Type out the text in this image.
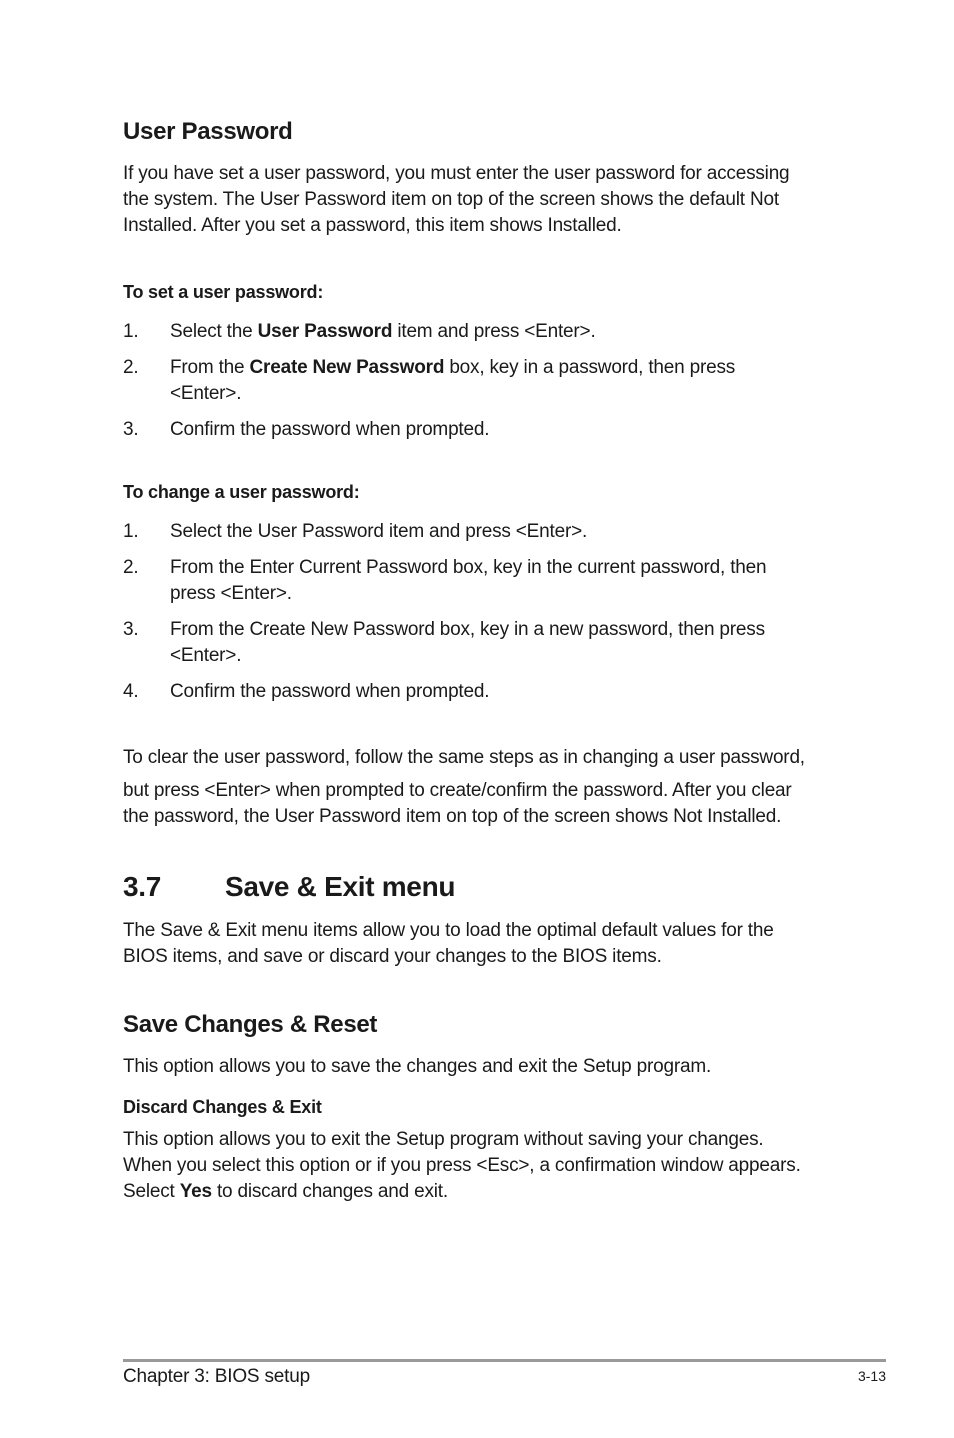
User Password
If you have set a user password, you must enter the user password for accessing
the system. The User Password item on top of the screen shows the default Not
Installed. After you set a password, this item shows Installed.
To set a user password:
1. Select the User Password item and press <Enter>.
2. From the Create New Password box, key in a password, then press
<Enter>.
3. Confirm the password when prompted.
To change a user password:
1. Select the User Password item and press <Enter>.
2. From the Enter Current Password box, key in the current password, then
press <Enter>.
3. From the Create New Password box, key in a new password, then press
<Enter>.
4. Confirm the password when prompted.
To clear the user password, follow the same steps as in changing a user password,
but press <Enter> when prompted to create/confirm the password. After you clear
the password, the User Password item on top of the screen shows Not Installed.
3.7 Save & Exit menu
The Save & Exit menu items allow you to load the optimal default values for the
BIOS items, and save or discard your changes to the BIOS items.
Save Changes & Reset
This option allows you to save the changes and exit the Setup program.
Discard Changes & Exit
This option allows you to exit the Setup program without saving your changes.
When you select this option or if you press <Esc>, a confirmation window appears.
Select Yes to discard changes and exit.
Chapter 3: BIOS setup	3-13
